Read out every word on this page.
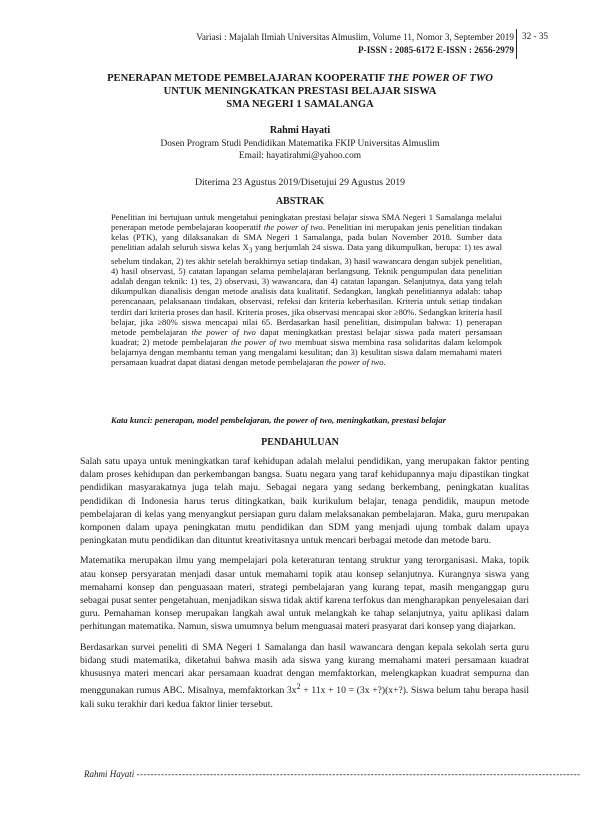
Variasi : Majalah Ilmiah Universitas Almuslim, Volume 11, Nomor 3, September 2019
P-ISSN : 2085-6172 E-ISSN : 2656-2979
32 - 35
PENERAPAN METODE PEMBELAJARAN KOOPERATIF THE POWER OF TWO
UNTUK MENINGKATKAN PRESTASI BELAJAR SISWA
SMA NEGERI 1 SAMALANGA
Rahmi Hayati
Dosen Program Studi Pendidikan Matematika FKIP Universitas Almuslim
Email: hayatirahmi@yahoo.com
Diterima 23 Agustus 2019/Disetujui 29 Agustus 2019
ABSTRAK
Penelitian ini bertujuan untuk mengetahui peningkatan prestasi belajar siswa SMA Negeri 1 Samalanga melalui penerapan metode pembelajaran kooperatif the power of two. Penelitian ini merupakan jenis penelitian tindakan kelas (PTK), yang dilaksanakan di SMA Negeri 1 Samalanga, pada bulan November 2018. Sumber data penelitian adalah seluruh siswa kelas $X_3$ yang berjumlah 24 siswa. Data yang dikumpulkan, berupa: 1) tes awal sebelum tindakan, 2) tes akhir setelah berakhirnya setiap tindakan, 3) hasil wawancara dengan subjek penelitian, 4) hasil observasi, 5) catatan lapangan selama pembelajaran berlangsung. Teknik pengumpulan data penelitian adalah dengan teknik: 1) tes, 2) observasi, 3) wawancara, dan 4) catatan lapangan. Selanjutnya, data yang telah dikumpulkan dianalisis dengan metode analisis data kualitatif. Sedangkan, langkah penelitiannya adalah: tahap perencanaan, pelaksanaan tindakan, observasi, refeksi dan kriteria keberhasilan. Kriteria untuk setiap tindakan terdiri dari kriteria proses dan hasil. Kriteria proses, jika observasi mencapai skor ≥80%. Sedangkan kriteria hasil belajar, jika ≥80% siswa mencapai nilai 65. Berdasarkan hasil penelitian, disimpulan bahwa: 1) penerapan metode pembelajaran the power of two dapat meningkatkan prestasi belajar siswa pada materi persamaan kuadrat; 2) metode pembelajaran the power of two membuat siswa membina rasa solidaritas dalam kelompok belajarnya dengan membantu teman yang mengalami kesulitan; dan 3) kesulitan siswa dalam memahami materi persamaan kuadrat dapat diatasi dengan metode pembelajaran the power of two.
Kata kunci: penerapan, model pembelajaran, the power of two, meningkatkan, prestasi belajar
PENDAHULUAN

Salah satu upaya untuk meningkatkan taraf kehidupan adalah melalui pendidikan, yang merupakan faktor penting dalam proses kehidupan dan perkembangan bangsa. Suatu negara yang taraf kehidupannya maju dipastikan tingkat pendidikan masyarakatnya juga telah maju. Sebagai negara yang sedang berkembang, peningkatan kualitas pendidikan di Indonesia harus terus ditingkatkan, baik kurikulum belajar, tenaga pendidik, maupun metode pembelajaran di kelas yang menyangkut persiapan guru dalam melaksanakan pembelajaran. Maka, guru merupakan komponen dalam upaya peningkatan mutu pendidikan dan SDM yang menjadi ujung tombak dalam upaya peningkatan mutu pendidikan dan dituntut kreativitasnya untuk mencari berbagai metode dan metode baru.

Matematika merupakan ilmu yang mempelajari pola keteraturan tentang struktur yang terorganisasi. Maka, topik atau konsep persyaratan menjadi dasar untuk memahami topik atau konsep selanjutnya. Kurangnya siswa yang memahami konsep dan penguasaan materi, strategi pembelajaran yang kurang tepat, masih menganggap guru sebagai pusat senter pengetahuan, menjadikan siswa tidak aktif karena terfokus dan mengharapkan penyelesaian dari guru. Pemahaman konsep merupakan langkah awal untuk melangkah ke tahap selanjutnya, yaitu aplikasi dalam perhitungan matematika. Namun, siswa umumnya belum menguasai materi prasyarat dari konsep yang diajarkan.

Berdasarkan survei peneliti di SMA Negeri 1 Samalanga dan hasil wawancara dengan kepala sekolah serta guru bidang studi matematika, diketahui bahwa masih ada siswa yang kurang memahami materi persamaan kuadrat khususnya materi mencari akar persamaan kuadrat dengan memfaktorkan, melengkapkan kuadrat sempurna dan menggunakan rumus ABC. Misalnya, memfaktorkan $3x^2 + 11x + 10 = (3x$ +?)(x+?). Siswa belum tahu berapa hasil kali suku terakhir dari kedua faktor linier tersebut.

Rahmi Hayati -------------------------------------------------------------------------------------------------------------------------------
